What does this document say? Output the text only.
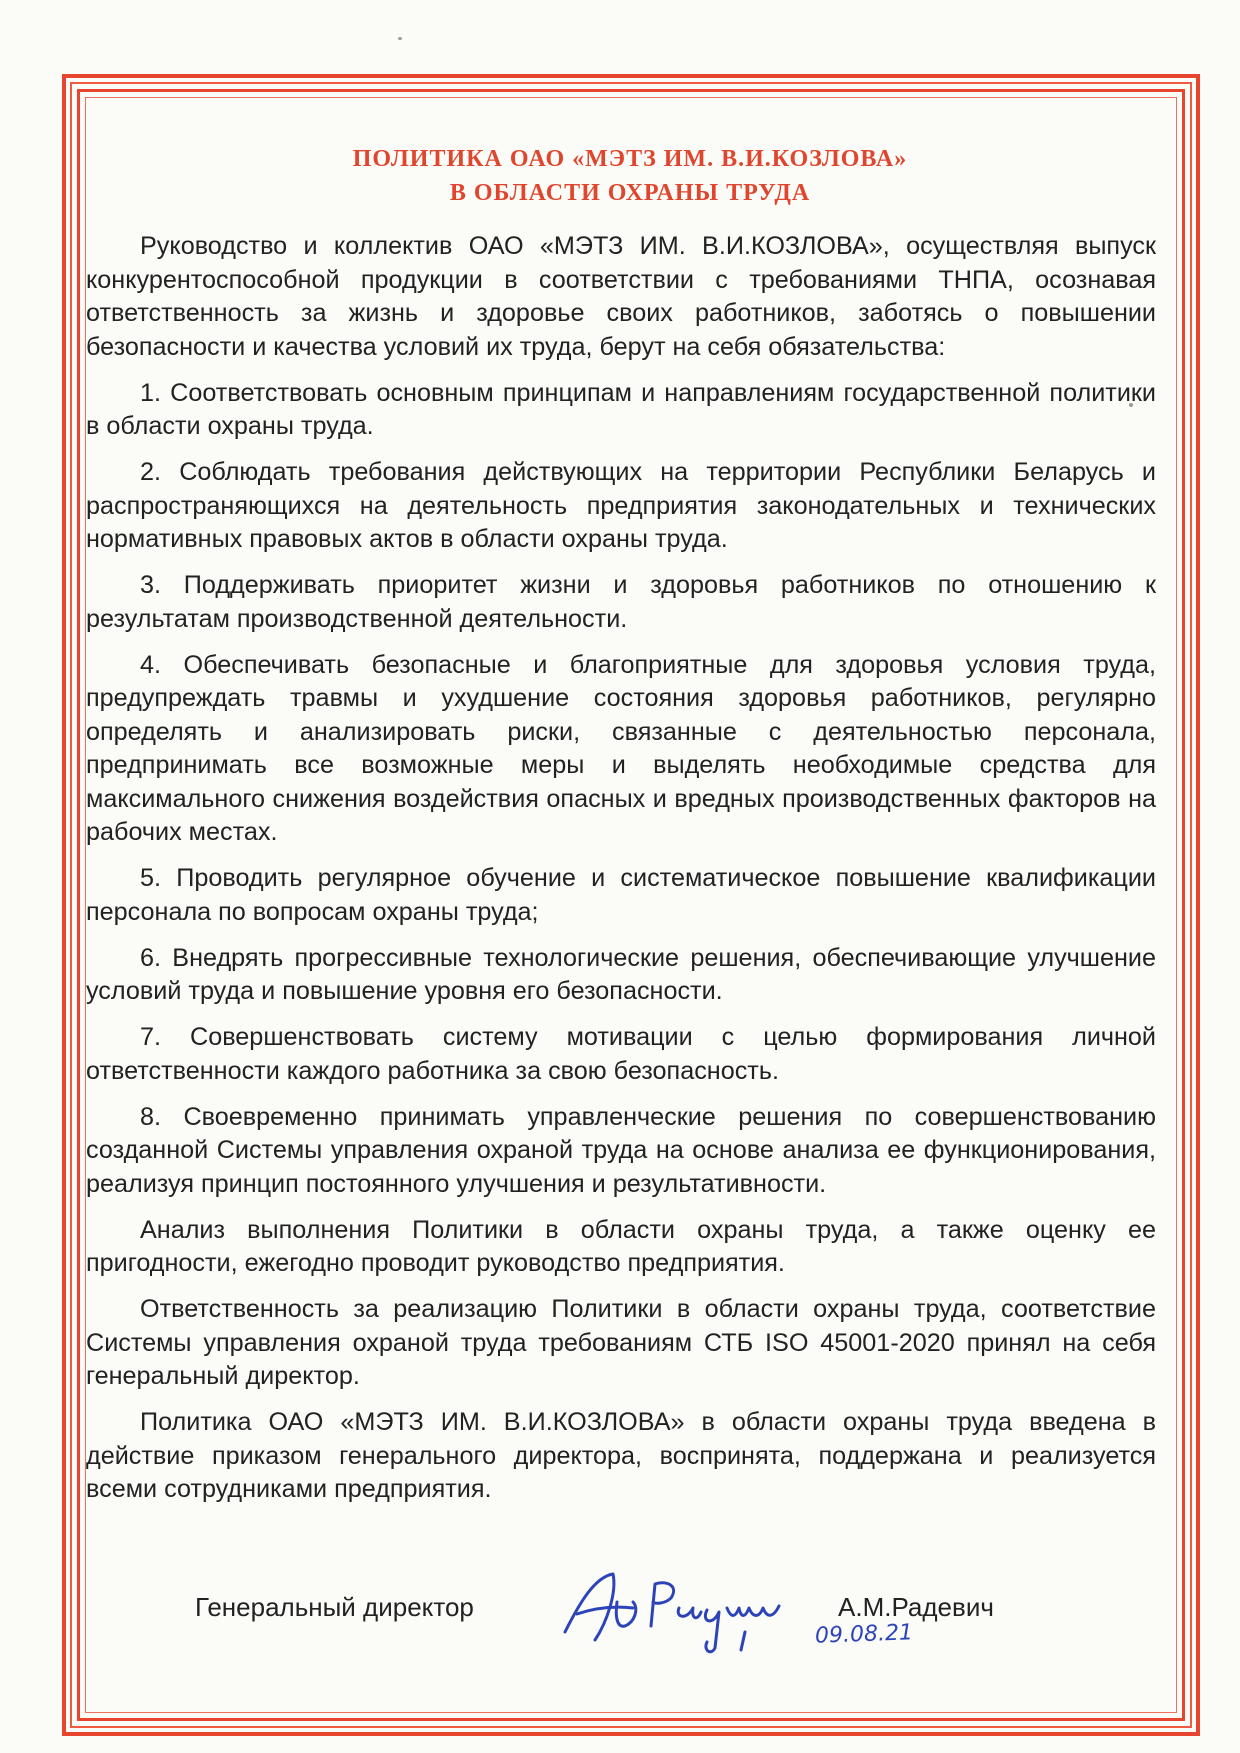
ПОЛИТИКА ОАО «МЭТЗ ИМ. В.И.КОЗЛОВА»
В ОБЛАСТИ ОХРАНЫ ТРУДА

Руководство и коллектив ОАО «МЭТЗ ИМ. В.И.КОЗЛОВА», осуществляя выпуск конкурентоспособной продукции в соответствии с требованиями ТНПА, осознавая ответственность за жизнь и здоровье своих работников, заботясь о повышении безопасности и качества условий их труда, берут на себя обязательства:

1. Соответствовать основным принципам и направлениям государственной политики в области охраны труда.

2. Соблюдать требования действующих на территории Республики Беларусь и распространяющихся на деятельность предприятия законодательных и технических нормативных правовых актов в области охраны труда.

3. Поддерживать приоритет жизни и здоровья работников по отношению к результатам производственной деятельности.

4. Обеспечивать безопасные и благоприятные для здоровья условия труда, предупреждать травмы и ухудшение состояния здоровья работников, регулярно определять и анализировать риски, связанные с деятельностью персонала, предпринимать все возможные меры и выделять необходимые средства для максимального снижения воздействия опасных и вредных производственных факторов на рабочих местах.

5. Проводить регулярное обучение и систематическое повышение квалификации персонала по вопросам охраны труда;

6. Внедрять прогрессивные технологические решения, обеспечивающие улучшение условий труда и повышение уровня его безопасности.

7. Совершенствовать систему мотивации с целью формирования личной ответственности каждого работника за свою безопасность.

8. Своевременно принимать управленческие решения по совершенствованию созданной Системы управления охраной труда на основе анализа ее функционирования, реализуя принцип постоянного улучшения и результативности.

Анализ выполнения Политики в области охраны труда, а также оценку ее пригодности, ежегодно проводит руководство предприятия.

Ответственность за реализацию Политики в области охраны труда, соответствие Системы управления охраной труда требованиям СТБ ISO 45001-2020 принял на себя генеральный директор.

Политика ОАО «МЭТЗ ИМ. В.И.КОЗЛОВА» в области охраны труда введена в действие приказом генерального директора, воспринята, поддержана и реализуется всеми сотрудниками предприятия.

Генеральный директор
09.08.21
А.М.Радевич
